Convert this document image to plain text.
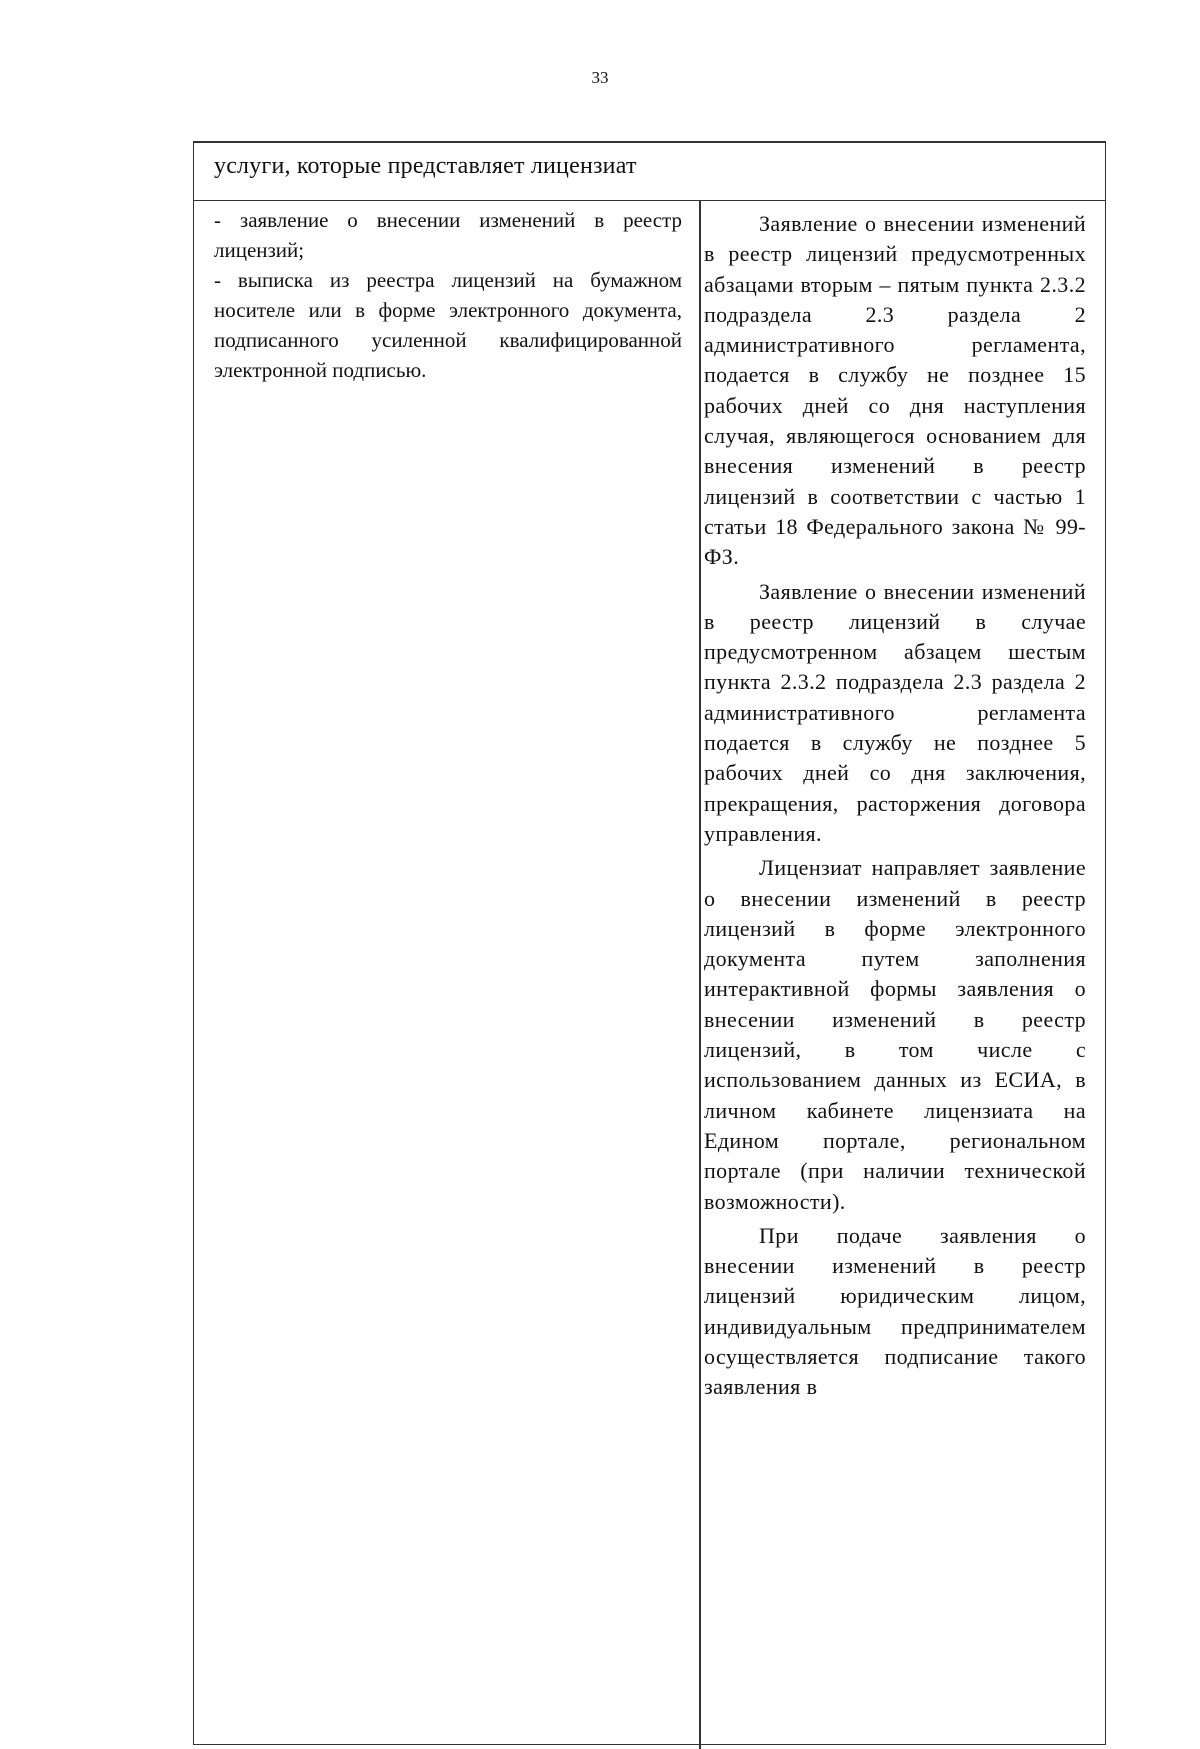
33
услуги, которые представляет лицензиат

- заявление о внесении изменений в реестр лицензий;

- выписка из реестра лицензий на бумажном носителе или в форме электронного документа, подписанного усиленной квалифицированной электронной подписью.

Заявление о внесении изменений в реестр лицензий предусмотренных абзацами вторым – пятым пункта 2.3.2 подраздела 2.3 раздела 2 административного регламента, подается в службу не позднее 15 рабочих дней со дня наступления случая, являющегося основанием для внесения изменений в реестр лицензий в соответствии с частью 1 статьи 18 Федерального закона № 99-ФЗ.

Заявление о внесении изменений в реестр лицензий в случае предусмотренном абзацем шестым пункта 2.3.2 подраздела 2.3 раздела 2 административного регламента подается в службу не позднее 5 рабочих дней со дня заключения, прекращения, расторжения договора управления.

Лицензиат направляет заявление о внесении изменений в реестр лицензий в форме электронного документа путем заполнения интерактивной формы заявления о внесении изменений в реестр лицензий, в том числе с использованием данных из ЕСИА, в личном кабинете лицензиата на Едином портале, региональном портале (при наличии технической возможности).

При подаче заявления о внесении изменений в реестр лицензий юридическим лицом, индивидуальным предпринимателем осуществляется подписание такого заявления в
